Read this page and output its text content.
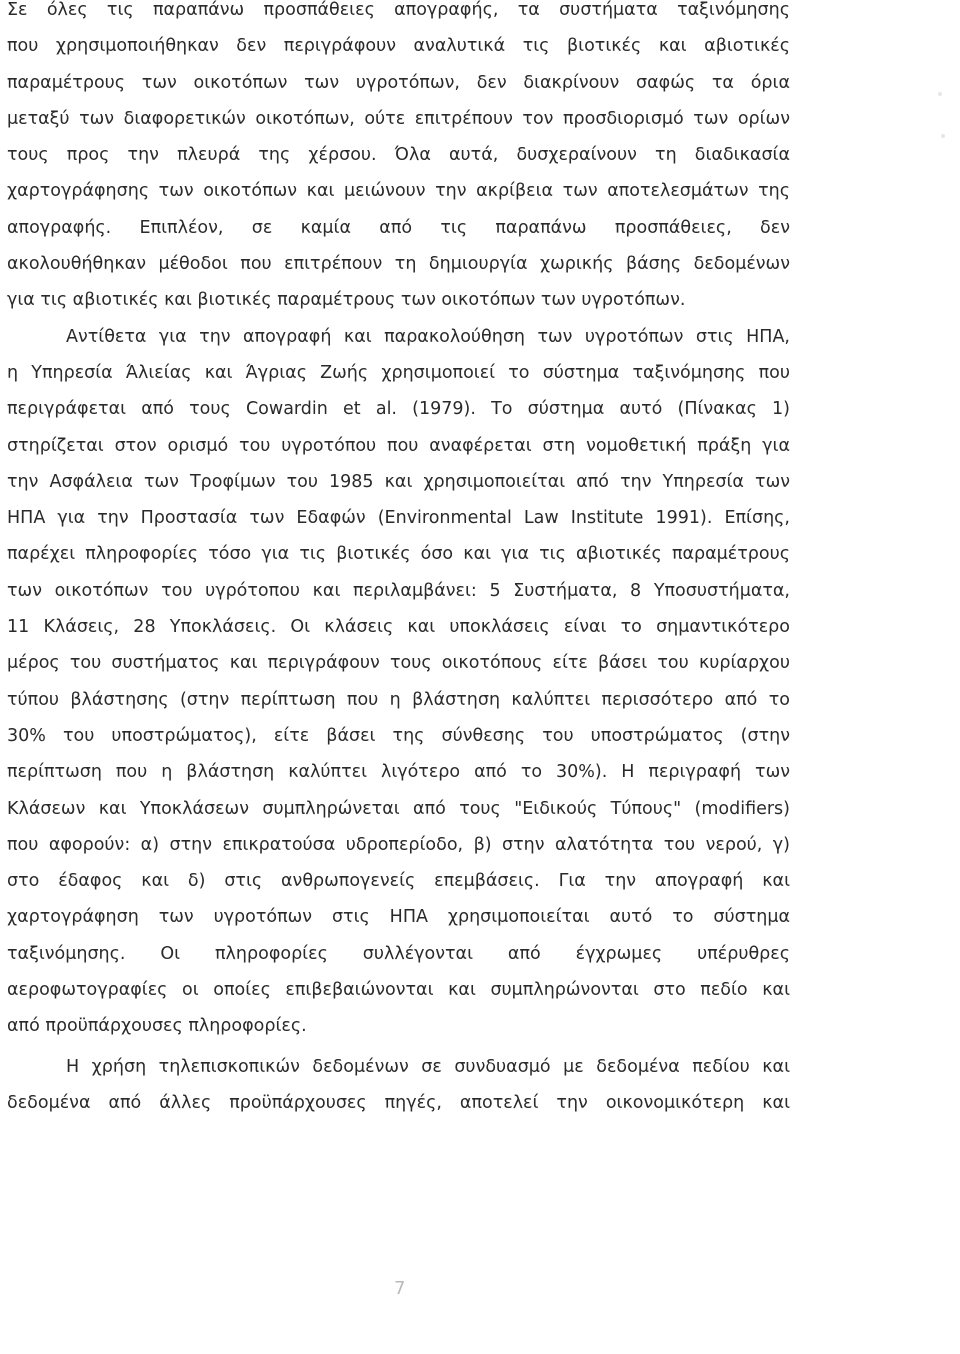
Σε όλες τις παραπάνω προσπάθειες απογραφής, τα συστήματα ταξινόμησης
που χρησιμοποιήθηκαν δεν περιγράφουν αναλυτικά τις βιοτικές και αβιοτικές
παραμέτρους των οικοτόπων των υγροτόπων, δεν διακρίνουν σαφώς τα όρια
μεταξύ των διαφορετικών οικοτόπων, ούτε επιτρέπουν τον προσδιορισμό των ορίων
τους προς την πλευρά της χέρσου. Όλα αυτά, δυσχεραίνουν τη διαδικασία
χαρτογράφησης των οικοτόπων και μειώνουν την ακρίβεια των αποτελεσμάτων της
απογραφής. Επιπλέον, σε καμία από τις παραπάνω προσπάθειες, δεν
ακολουθήθηκαν μέθοδοι που επιτρέπουν τη δημιουργία χωρικής βάσης δεδομένων
για τις αβιοτικές και βιοτικές παραμέτρους των οικοτόπων των υγροτόπων.
Αντίθετα για την απογραφή και παρακολούθηση των υγροτόπων στις ΗΠΑ,
η Υπηρεσία Άλιείας και Άγριας Ζωής χρησιμοποιεί το σύστημα ταξινόμησης που
περιγράφεται από τους Cowardin et al. (1979). Το σύστημα αυτό (Πίνακας 1)
στηρίζεται στον ορισμό του υγροτόπου που αναφέρεται στη νομοθετική πράξη για
την Ασφάλεια των Τροφίμων του 1985 και χρησιμοποιείται από την Υπηρεσία των
ΗΠΑ για την Προστασία των Εδαφών (Environmental Law Institute 1991). Επίσης,
παρέχει πληροφορίες τόσο για τις βιοτικές όσο και για τις αβιοτικές παραμέτρους
των οικοτόπων του υγρότοπου και περιλαμβάνει: 5 Συστήματα, 8 Υποσυστήματα,
11 Κλάσεις, 28 Υποκλάσεις. Οι κλάσεις και υποκλάσεις είναι το σημαντικότερο
μέρος του συστήματος και περιγράφουν τους οικοτόπους είτε βάσει του κυρίαρχου
τύπου βλάστησης (στην περίπτωση που η βλάστηση καλύπτει περισσότερο από το
30% του υποστρώματος), είτε βάσει της σύνθεσης του υποστρώματος (στην
περίπτωση που η βλάστηση καλύπτει λιγότερο από το 30%). Η περιγραφή των
Κλάσεων και Υποκλάσεων συμπληρώνεται από τους "Ειδικούς Τύπους" (modifiers)
που αφορούν: α) στην επικρατούσα υδροπερίοδο, β) στην αλατότητα του νερού, γ)
στο έδαφος και δ) στις ανθρωπογενείς επεμβάσεις. Για την απογραφή και
χαρτογράφηση των υγροτόπων στις ΗΠΑ χρησιμοποιείται αυτό το σύστημα
ταξινόμησης. Οι πληροφορίες συλλέγονται από έγχρωμες υπέρυθρες
αεροφωτογραφίες οι οποίες επιβεβαιώνονται και συμπληρώνονται στο πεδίο και
από προϋπάρχουσες πληροφορίες.
Η χρήση τηλεπισκοπικών δεδομένων σε συνδυασμό με δεδομένα πεδίου και
δεδομένα από άλλες προϋπάρχουσες πηγές, αποτελεί την οικονομικότερη και
7
